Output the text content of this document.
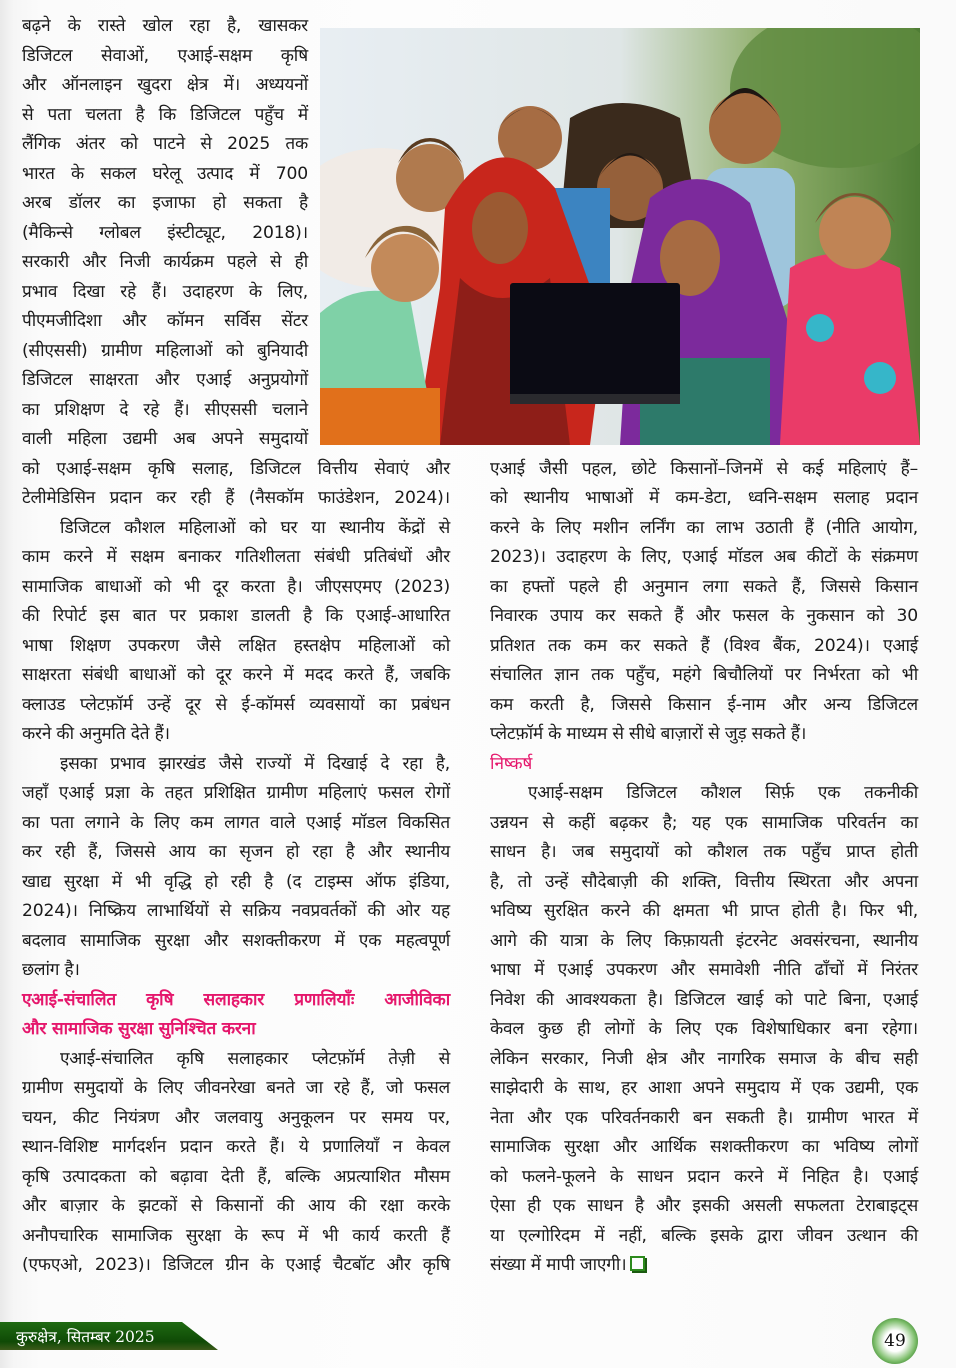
बढ़ने के रास्ते खोल रहा है, खासकर
डिजिटल सेवाओं, एआई-सक्षम कृषि
और ऑनलाइन खुदरा क्षेत्र में। अध्ययनों
से पता चलता है कि डिजिटल पहुँच में
लैंगिक अंतर को पाटने से 2025 तक
भारत के सकल घरेलू उत्पाद में 700
अरब डॉलर का इजाफा हो सकता है
(मैकिन्से ग्लोबल इंस्टीट्यूट, 2018)।
सरकारी और निजी कार्यक्रम पहले से ही
प्रभाव दिखा रहे हैं। उदाहरण के लिए,
पीएमजीदिशा और कॉमन सर्विस सेंटर
(सीएससी) ग्रामीण महिलाओं को बुनियादी
डिजिटल साक्षरता और एआई अनुप्रयोगों
का प्रशिक्षण दे रहे हैं। सीएससी चलाने
वाली महिला उद्यमी अब अपने समुदायों
को एआई-सक्षम कृषि सलाह, डिजिटल वित्तीय सेवाएं और
टेलीमेडिसिन प्रदान कर रही हैं (नैसकॉम फाउंडेशन, 2024)।
डिजिटल कौशल महिलाओं को घर या स्थानीय केंद्रों से
काम करने में सक्षम बनाकर गतिशीलता संबंधी प्रतिबंधों और
सामाजिक बाधाओं को भी दूर करता है। जीएसएमए (2023)
की रिपोर्ट इस बात पर प्रकाश डालती है कि एआई-आधारित
भाषा शिक्षण उपकरण जैसे लक्षित हस्तक्षेप महिलाओं को
साक्षरता संबंधी बाधाओं को दूर करने में मदद करते हैं, जबकि
क्लाउड प्लेटफ़ॉर्म उन्हें दूर से ई-कॉमर्स व्यवसायों का प्रबंधन
करने की अनुमति देते हैं।
इसका प्रभाव झारखंड जैसे राज्यों में दिखाई दे रहा है,
जहाँ एआई प्रज्ञा के तहत प्रशिक्षित ग्रामीण महिलाएं फसल रोगों
का पता लगाने के लिए कम लागत वाले एआई मॉडल विकसित
कर रही हैं, जिससे आय का सृजन हो रहा है और स्थानीय
खाद्य सुरक्षा में भी वृद्धि हो रही है (द टाइम्स ऑफ इंडिया,
2024)। निष्क्रिय लाभार्थियों से सक्रिय नवप्रवर्तकों की ओर यह
बदलाव सामाजिक सुरक्षा और सशक्तीकरण में एक महत्वपूर्ण
छलांग है।
एआई-संचालित कृषि सलाहकार प्रणालियाँः आजीविका
और सामाजिक सुरक्षा सुनिश्चित करना
एआई-संचालित कृषि सलाहकार प्लेटफ़ॉर्म तेज़ी से
ग्रामीण समुदायों के लिए जीवनरेखा बनते जा रहे हैं, जो फसल
चयन, कीट नियंत्रण और जलवायु अनुकूलन पर समय पर,
स्थान-विशिष्ट मार्गदर्शन प्रदान करते हैं। ये प्रणालियाँ न केवल
कृषि उत्पादकता को बढ़ावा देती हैं, बल्कि अप्रत्याशित मौसम
और बाज़ार के झटकों से किसानों की आय की रक्षा करके
अनौपचारिक सामाजिक सुरक्षा के रूप में भी कार्य करती हैं
(एफएओ, 2023)। डिजिटल ग्रीन के एआई चैटबॉट और कृषि
एआई जैसी पहल, छोटे किसानों–जिनमें से कई महिलाएं हैं–
को स्थानीय भाषाओं में कम-डेटा, ध्वनि-सक्षम सलाह प्रदान
करने के लिए मशीन लर्निंग का लाभ उठाती हैं (नीति आयोग,
2023)। उदाहरण के लिए, एआई मॉडल अब कीटों के संक्रमण
का हफ्तों पहले ही अनुमान लगा सकते हैं, जिससे किसान
निवारक उपाय कर सकते हैं और फसल के नुकसान को 30
प्रतिशत तक कम कर सकते हैं (विश्व बैंक, 2024)। एआई
संचालित ज्ञान तक पहुँच, महंगे बिचौलियों पर निर्भरता को भी
कम करती है, जिससे किसान ई-नाम और अन्य डिजिटल
प्लेटफ़ॉर्म के माध्यम से सीधे बाज़ारों से जुड़ सकते हैं।
निष्कर्ष
एआई-सक्षम डिजिटल कौशल सिर्फ़ एक तकनीकी
उन्नयन से कहीं बढ़कर है; यह एक सामाजिक परिवर्तन का
साधन है। जब समुदायों को कौशल तक पहुँच प्राप्त होती
है, तो उन्हें सौदेबाज़ी की शक्ति, वित्तीय स्थिरता और अपना
भविष्य सुरक्षित करने की क्षमता भी प्राप्त होती है। फिर भी,
आगे की यात्रा के लिए किफ़ायती इंटरनेट अवसंरचना, स्थानीय
भाषा में एआई उपकरण और समावेशी नीति ढाँचों में निरंतर
निवेश की आवश्यकता है। डिजिटल खाई को पाटे बिना, एआई
केवल कुछ ही लोगों के लिए एक विशेषाधिकार बना रहेगा।
लेकिन सरकार, निजी क्षेत्र और नागरिक समाज के बीच सही
साझेदारी के साथ, हर आशा अपने समुदाय में एक उद्यमी, एक
नेता और एक परिवर्तनकारी बन सकती है। ग्रामीण भारत में
सामाजिक सुरक्षा और आर्थिक सशक्तीकरण का भविष्य लोगों
को फलने-फूलने के साधन प्रदान करने में निहित है। एआई
ऐसा ही एक साधन है और इसकी असली सफलता टेराबाइट्स
या एल्गोरिदम में नहीं, बल्कि इसके द्वारा जीवन उत्थान की
संख्या में मापी जाएगी।
कुरुक्षेत्र, सितम्बर 2025	49
